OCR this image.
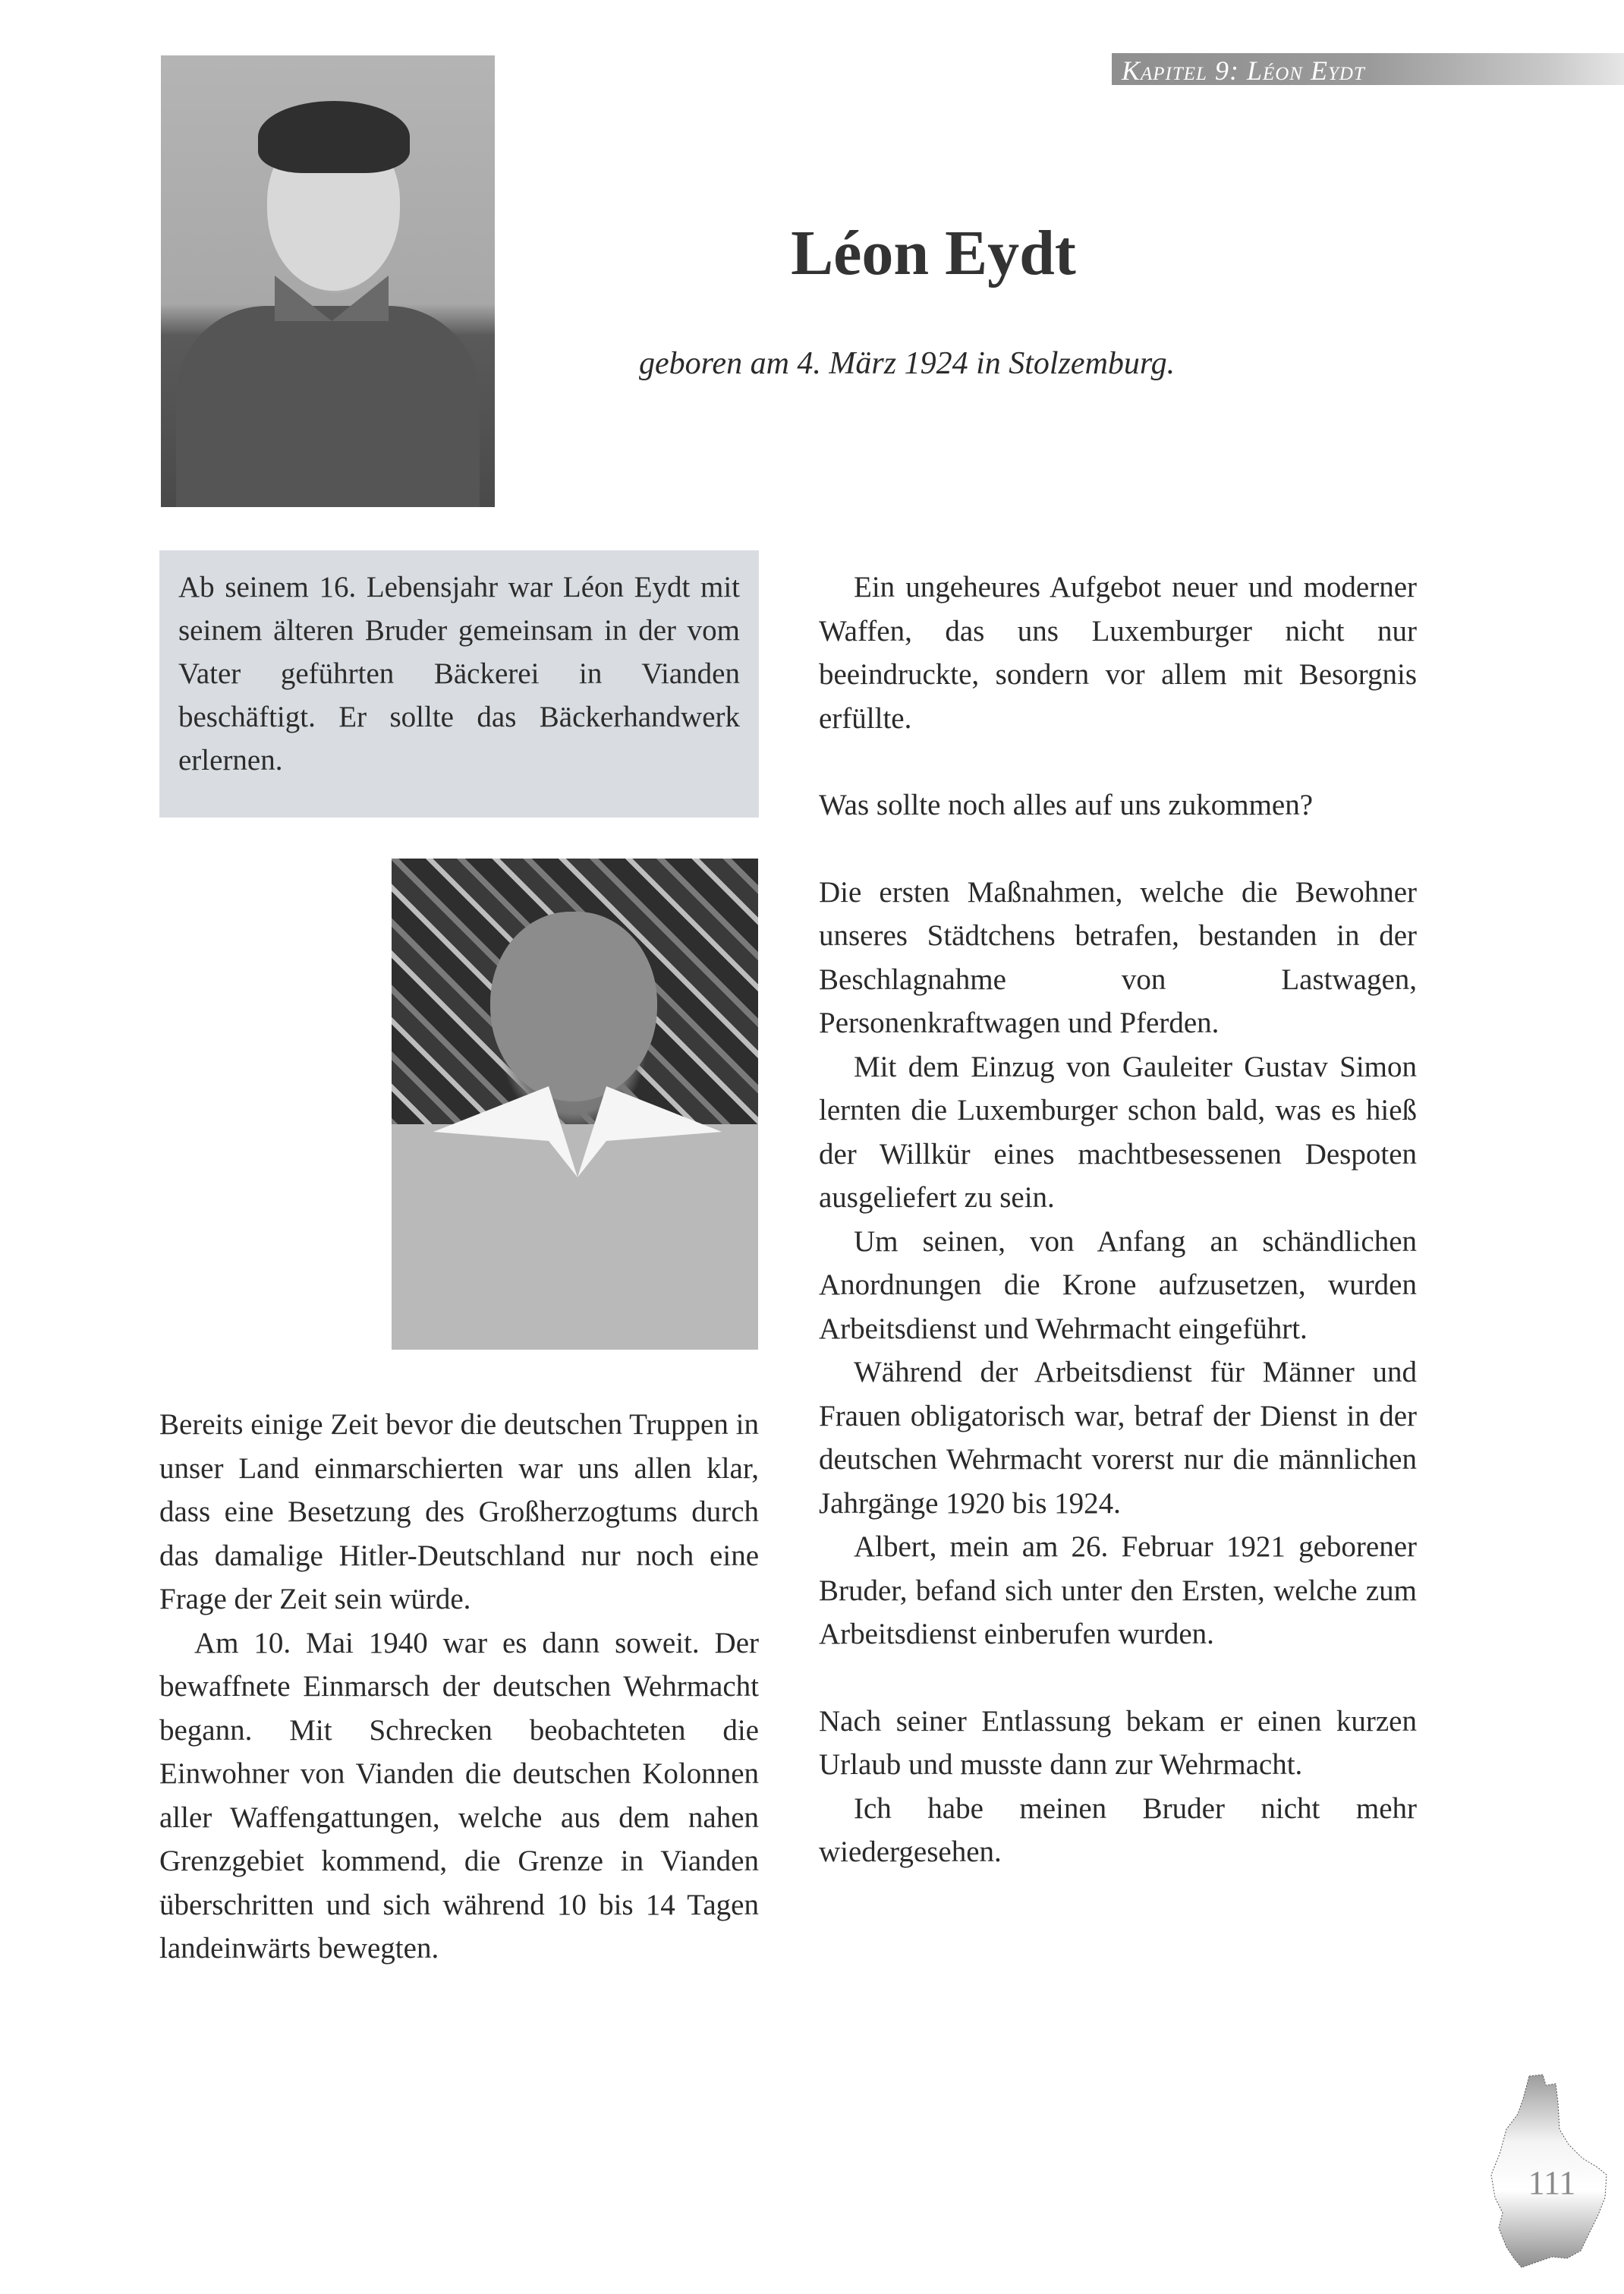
Kapitel 9: Léon Eydt
Léon Eydt
geboren am 4. März 1924 in Stolzemburg.
Ab seinem 16. Lebensjahr war Léon Eydt mit seinem älteren Bruder gemeinsam in der vom Vater geführten Bäckerei in Vianden beschäftigt. Er sollte das Bäckerhandwerk erlernen.

Bereits einige Zeit bevor die deutschen Truppen in unser Land einmarschierten war uns allen klar, dass eine Besetzung des Großherzogtums durch das damalige Hitler-Deutschland nur noch eine Frage der Zeit sein würde.

Am 10. Mai 1940 war es dann soweit. Der bewaffnete Einmarsch der deutschen Wehrmacht begann. Mit Schrecken beobachteten die Einwohner von Vianden die deutschen Kolonnen aller Waffengattungen, welche aus dem nahen Grenzgebiet kommend, die Grenze in Vianden überschritten und sich während 10 bis 14 Tagen landeinwärts bewegten.

Ein ungeheures Aufgebot neuer und moderner Waffen, das uns Luxemburger nicht nur beeindruckte, sondern vor allem mit Besorgnis erfüllte.

Was sollte noch alles auf uns zukommen?

Die ersten Maßnahmen, welche die Bewohner unseres Städtchens betrafen, bestanden in der Beschlagnahme von Lastwagen, Personenkraftwagen und Pferden.

Mit dem Einzug von Gauleiter Gustav Simon lernten die Luxemburger schon bald, was es hieß der Willkür eines machtbesessenen Despoten ausgeliefert zu sein.

Um seinen, von Anfang an schändlichen Anordnungen die Krone aufzusetzen, wurden Arbeitsdienst und Wehrmacht eingeführt.

Während der Arbeitsdienst für Männer und Frauen obligatorisch war, betraf der Dienst in der deutschen Wehrmacht vorerst nur die männlichen Jahrgänge 1920 bis 1924.

Albert, mein am 26. Februar 1921 geborener Bruder, befand sich unter den Ersten, welche zum Arbeitsdienst einberufen wurden.

Nach seiner Entlassung bekam er einen kurzen Urlaub und musste dann zur Wehrmacht.

Ich habe meinen Bruder nicht mehr wiedergesehen.

111
